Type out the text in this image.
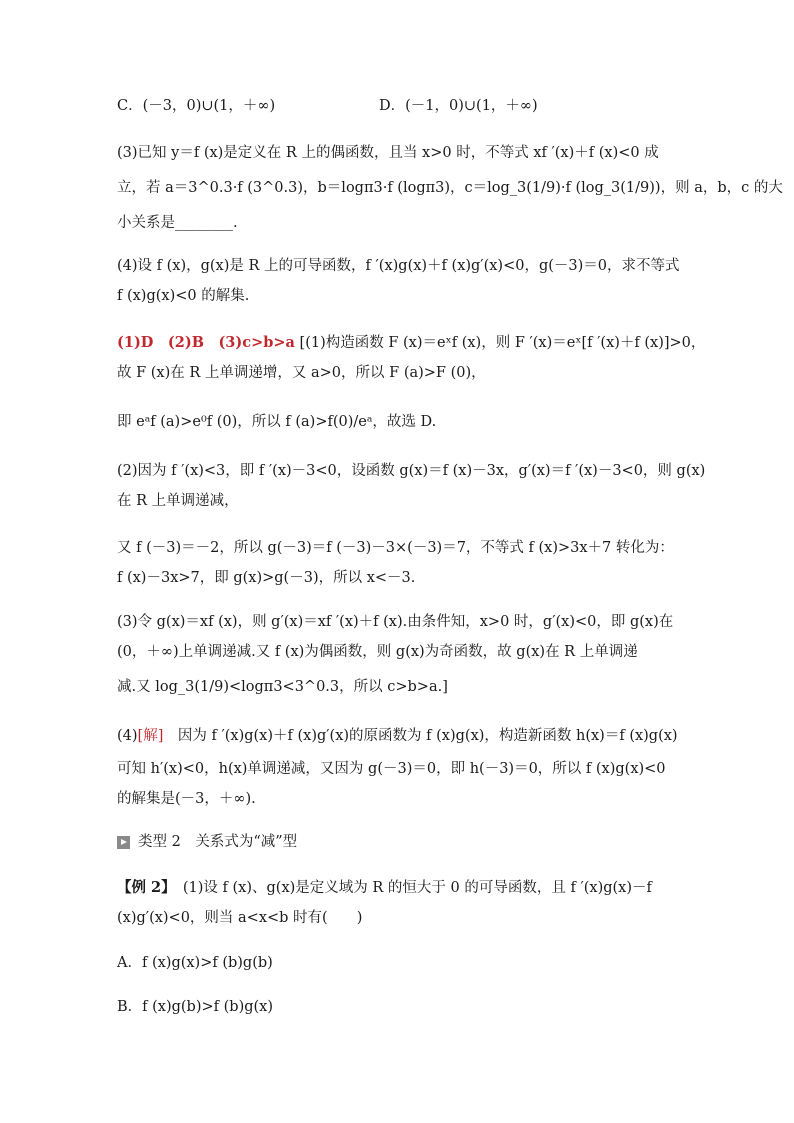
C．(－3，0)∪(1，＋∞)	D．(－1，0)∪(1，＋∞)
(3)已知 y＝f (x)是定义在 R 上的偶函数，且当 x>0 时，不等式 xf ′(x)＋f (x)<0 成
立，若 a＝3^0.3·f (3^0.3)，b＝logπ3·f (logπ3)，c＝log_3(1/9)·f (log_3(1/9))，则 a，b，c 的大
小关系是________.
(4)设 f (x)，g(x)是 R 上的可导函数，f ′(x)g(x)＋f (x)g′(x)<0，g(－3)＝0，求不等式
f (x)g(x)<0 的解集.
(1)D　(2)B　(3)c>b>a [(1)构造函数 F (x)＝eˣf (x)，则 F ′(x)＝eˣ[f ′(x)＋f (x)]>0，
故 F (x)在 R 上单调递增，又 a>0，所以 F (a)>F (0)，
即 eᵃf (a)>e⁰f (0)，所以 f (a)>f(0)/eᵃ，故选 D.
(2)因为 f ′(x)<3，即 f ′(x)－3<0，设函数 g(x)＝f (x)－3x，g′(x)＝f ′(x)－3<0，则 g(x)
在 R 上单调递减，
又 f (－3)＝－2，所以 g(－3)＝f (－3)－3×(－3)＝7，不等式 f (x)>3x＋7 转化为：
f (x)－3x>7，即 g(x)>g(－3)，所以 x<－3.
(3)令 g(x)＝xf (x)，则 g′(x)＝xf ′(x)＋f (x).由条件知，x>0 时，g′(x)<0，即 g(x)在
(0，＋∞)上单调递减.又 f (x)为偶函数，则 g(x)为奇函数，故 g(x)在 R 上单调递
减.又 log_3(1/9)<logπ3<3^0.3，所以 c>b>a.]
(4)[解]　因为 f ′(x)g(x)＋f (x)g′(x)的原函数为 f (x)g(x)，构造新函数 h(x)＝f (x)g(x)
可知 h′(x)<0，h(x)单调递减，又因为 g(－3)＝0，即 h(－3)＝0，所以 f (x)g(x)<0
的解集是(－3，＋∞).
类型 2　关系式为“减”型
【例 2】　(1)设 f (x)、g(x)是定义域为 R 的恒大于 0 的可导函数，且 f ′(x)g(x)－f
(x)g′(x)<0，则当 a<x<b 时有(　　)
A．f (x)g(x)>f (b)g(b)
B．f (x)g(b)>f (b)g(x)
